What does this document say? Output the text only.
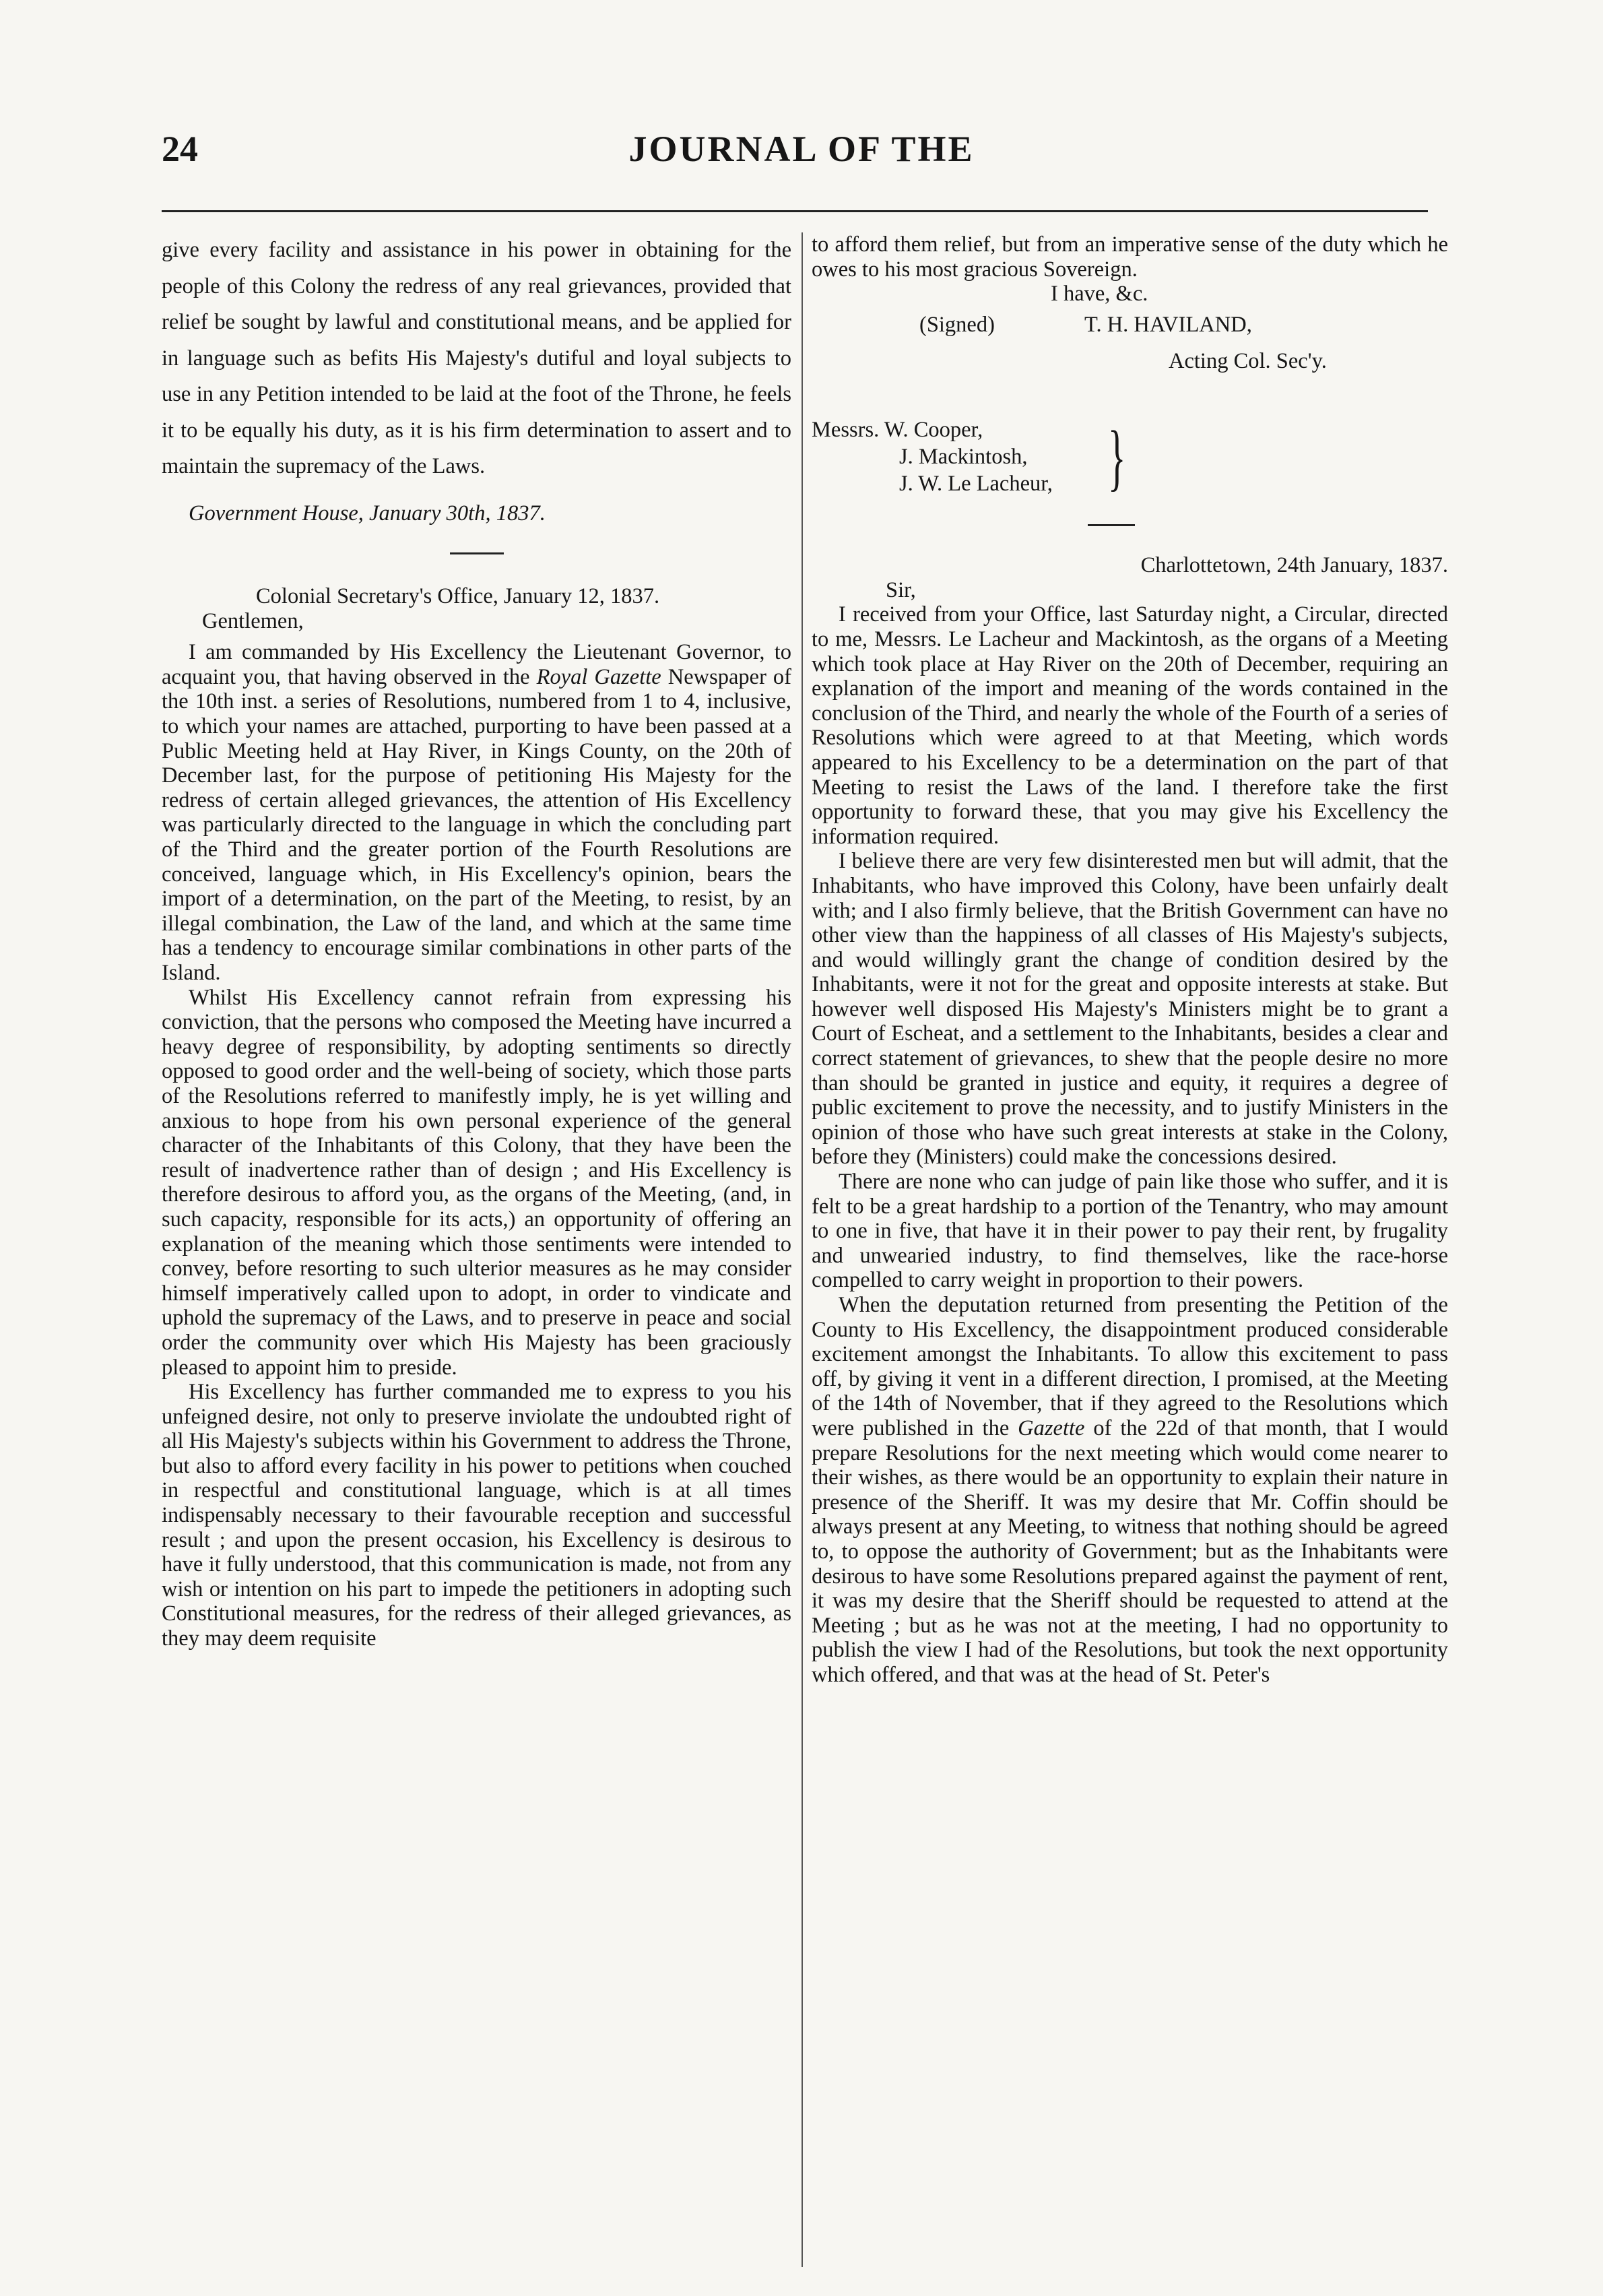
24	JOURNAL OF THE

give every facility and assistance in his power in obtaining for the people of this Colony the redress of any real grievances, provided that relief be sought by lawful and constitutional means, and be applied for in language such as befits His Majesty's dutiful and loyal subjects to use in any Petition intended to be laid at the foot of the Throne, he feels it to be equally his duty, as it is his firm determination to assert and to maintain the supremacy of the Laws.

Government House, January 30th, 1837.

Colonial Secretary's Office, January 12, 1837.

Gentlemen,

I am commanded by His Excellency the Lieutenant Governor, to acquaint you, that having observed in the Royal Gazette Newspaper of the 10th inst. a series of Resolutions, numbered from 1 to 4, inclusive, to which your names are attached, purporting to have been passed at a Public Meeting held at Hay River, in Kings County, on the 20th of December last, for the purpose of petitioning His Majesty for the redress of certain alleged grievances, the attention of His Excellency was particularly directed to the language in which the concluding part of the Third and the greater portion of the Fourth Resolutions are conceived, language which, in His Excellency's opinion, bears the import of a determination, on the part of the Meeting, to resist, by an illegal combination, the Law of the land, and which at the same time has a tendency to encourage similar combinations in other parts of the Island.

Whilst His Excellency cannot refrain from expressing his conviction, that the persons who composed the Meeting have incurred a heavy degree of responsibility, by adopting sentiments so directly opposed to good order and the well-being of society, which those parts of the Resolutions referred to manifestly imply, he is yet willing and anxious to hope from his own personal experience of the general character of the Inhabitants of this Colony, that they have been the result of inadvertence rather than of design ; and His Excellency is therefore desirous to afford you, as the organs of the Meeting, (and, in such capacity, responsible for its acts,) an opportunity of offering an explanation of the meaning which those sentiments were intended to convey, before resorting to such ulterior measures as he may consider himself imperatively called upon to adopt, in order to vindicate and uphold the supremacy of the Laws, and to preserve in peace and social order the community over which His Majesty has been graciously pleased to appoint him to preside.

His Excellency has further commanded me to express to you his unfeigned desire, not only to preserve inviolate the undoubted right of all His Majesty's subjects within his Government to address the Throne, but also to afford every facility in his power to petitions when couched in respectful and constitutional language, which is at all times indispensably necessary to their favourable reception and successful result ; and upon the present occasion, his Excellency is desirous to have it fully understood, that this communication is made, not from any wish or intention on his part to impede the petitioners in adopting such Constitutional measures, for the redress of their alleged grievances, as they may deem requisite

to afford them relief, but from an imperative sense of the duty which he owes to his most gracious Sovereign.

I have, &c.
(Signed)	T. H. HAVILAND,
Acting Col. Sec'y.
Messrs. W. Cooper,
J. Mackintosh,
J. W. Le Lacheur, }

Charlottetown, 24th January, 1837.

Sir,

I received from your Office, last Saturday night, a Circular, directed to me, Messrs. Le Lacheur and Mackintosh, as the organs of a Meeting which took place at Hay River on the 20th of December, requiring an explanation of the import and meaning of the words contained in the conclusion of the Third, and nearly the whole of the Fourth of a series of Resolutions which were agreed to at that Meeting, which words appeared to his Excellency to be a determination on the part of that Meeting to resist the Laws of the land. I therefore take the first opportunity to forward these, that you may give his Excellency the information required.

I believe there are very few disinterested men but will admit, that the Inhabitants, who have improved this Colony, have been unfairly dealt with; and I also firmly believe, that the British Government can have no other view than the happiness of all classes of His Majesty's subjects, and would willingly grant the change of condition desired by the Inhabitants, were it not for the great and opposite interests at stake. But however well disposed His Majesty's Ministers might be to grant a Court of Escheat, and a settlement to the Inhabitants, besides a clear and correct statement of grievances, to shew that the people desire no more than should be granted in justice and equity, it requires a degree of public excitement to prove the necessity, and to justify Ministers in the opinion of those who have such great interests at stake in the Colony, before they (Ministers) could make the concessions desired.

There are none who can judge of pain like those who suffer, and it is felt to be a great hardship to a portion of the Tenantry, who may amount to one in five, that have it in their power to pay their rent, by frugality and unwearied industry, to find themselves, like the race-horse compelled to carry weight in proportion to their powers.

When the deputation returned from presenting the Petition of the County to His Excellency, the disappointment produced considerable excitement amongst the Inhabitants. To allow this excitement to pass off, by giving it vent in a different direction, I promised, at the Meeting of the 14th of November, that if they agreed to the Resolutions which were published in the Gazette of the 22d of that month, that I would prepare Resolutions for the next meeting which would come nearer to their wishes, as there would be an opportunity to explain their nature in presence of the Sheriff. It was my desire that Mr. Coffin should be always present at any Meeting, to witness that nothing should be agreed to, to oppose the authority of Government; but as the Inhabitants were desirous to have some Resolutions prepared against the payment of rent, it was my desire that the Sheriff should be requested to attend at the Meeting ; but as he was not at the meeting, I had no opportunity to publish the view I had of the Resolutions, but took the next opportunity which offered, and that was at the head of St. Peter's
